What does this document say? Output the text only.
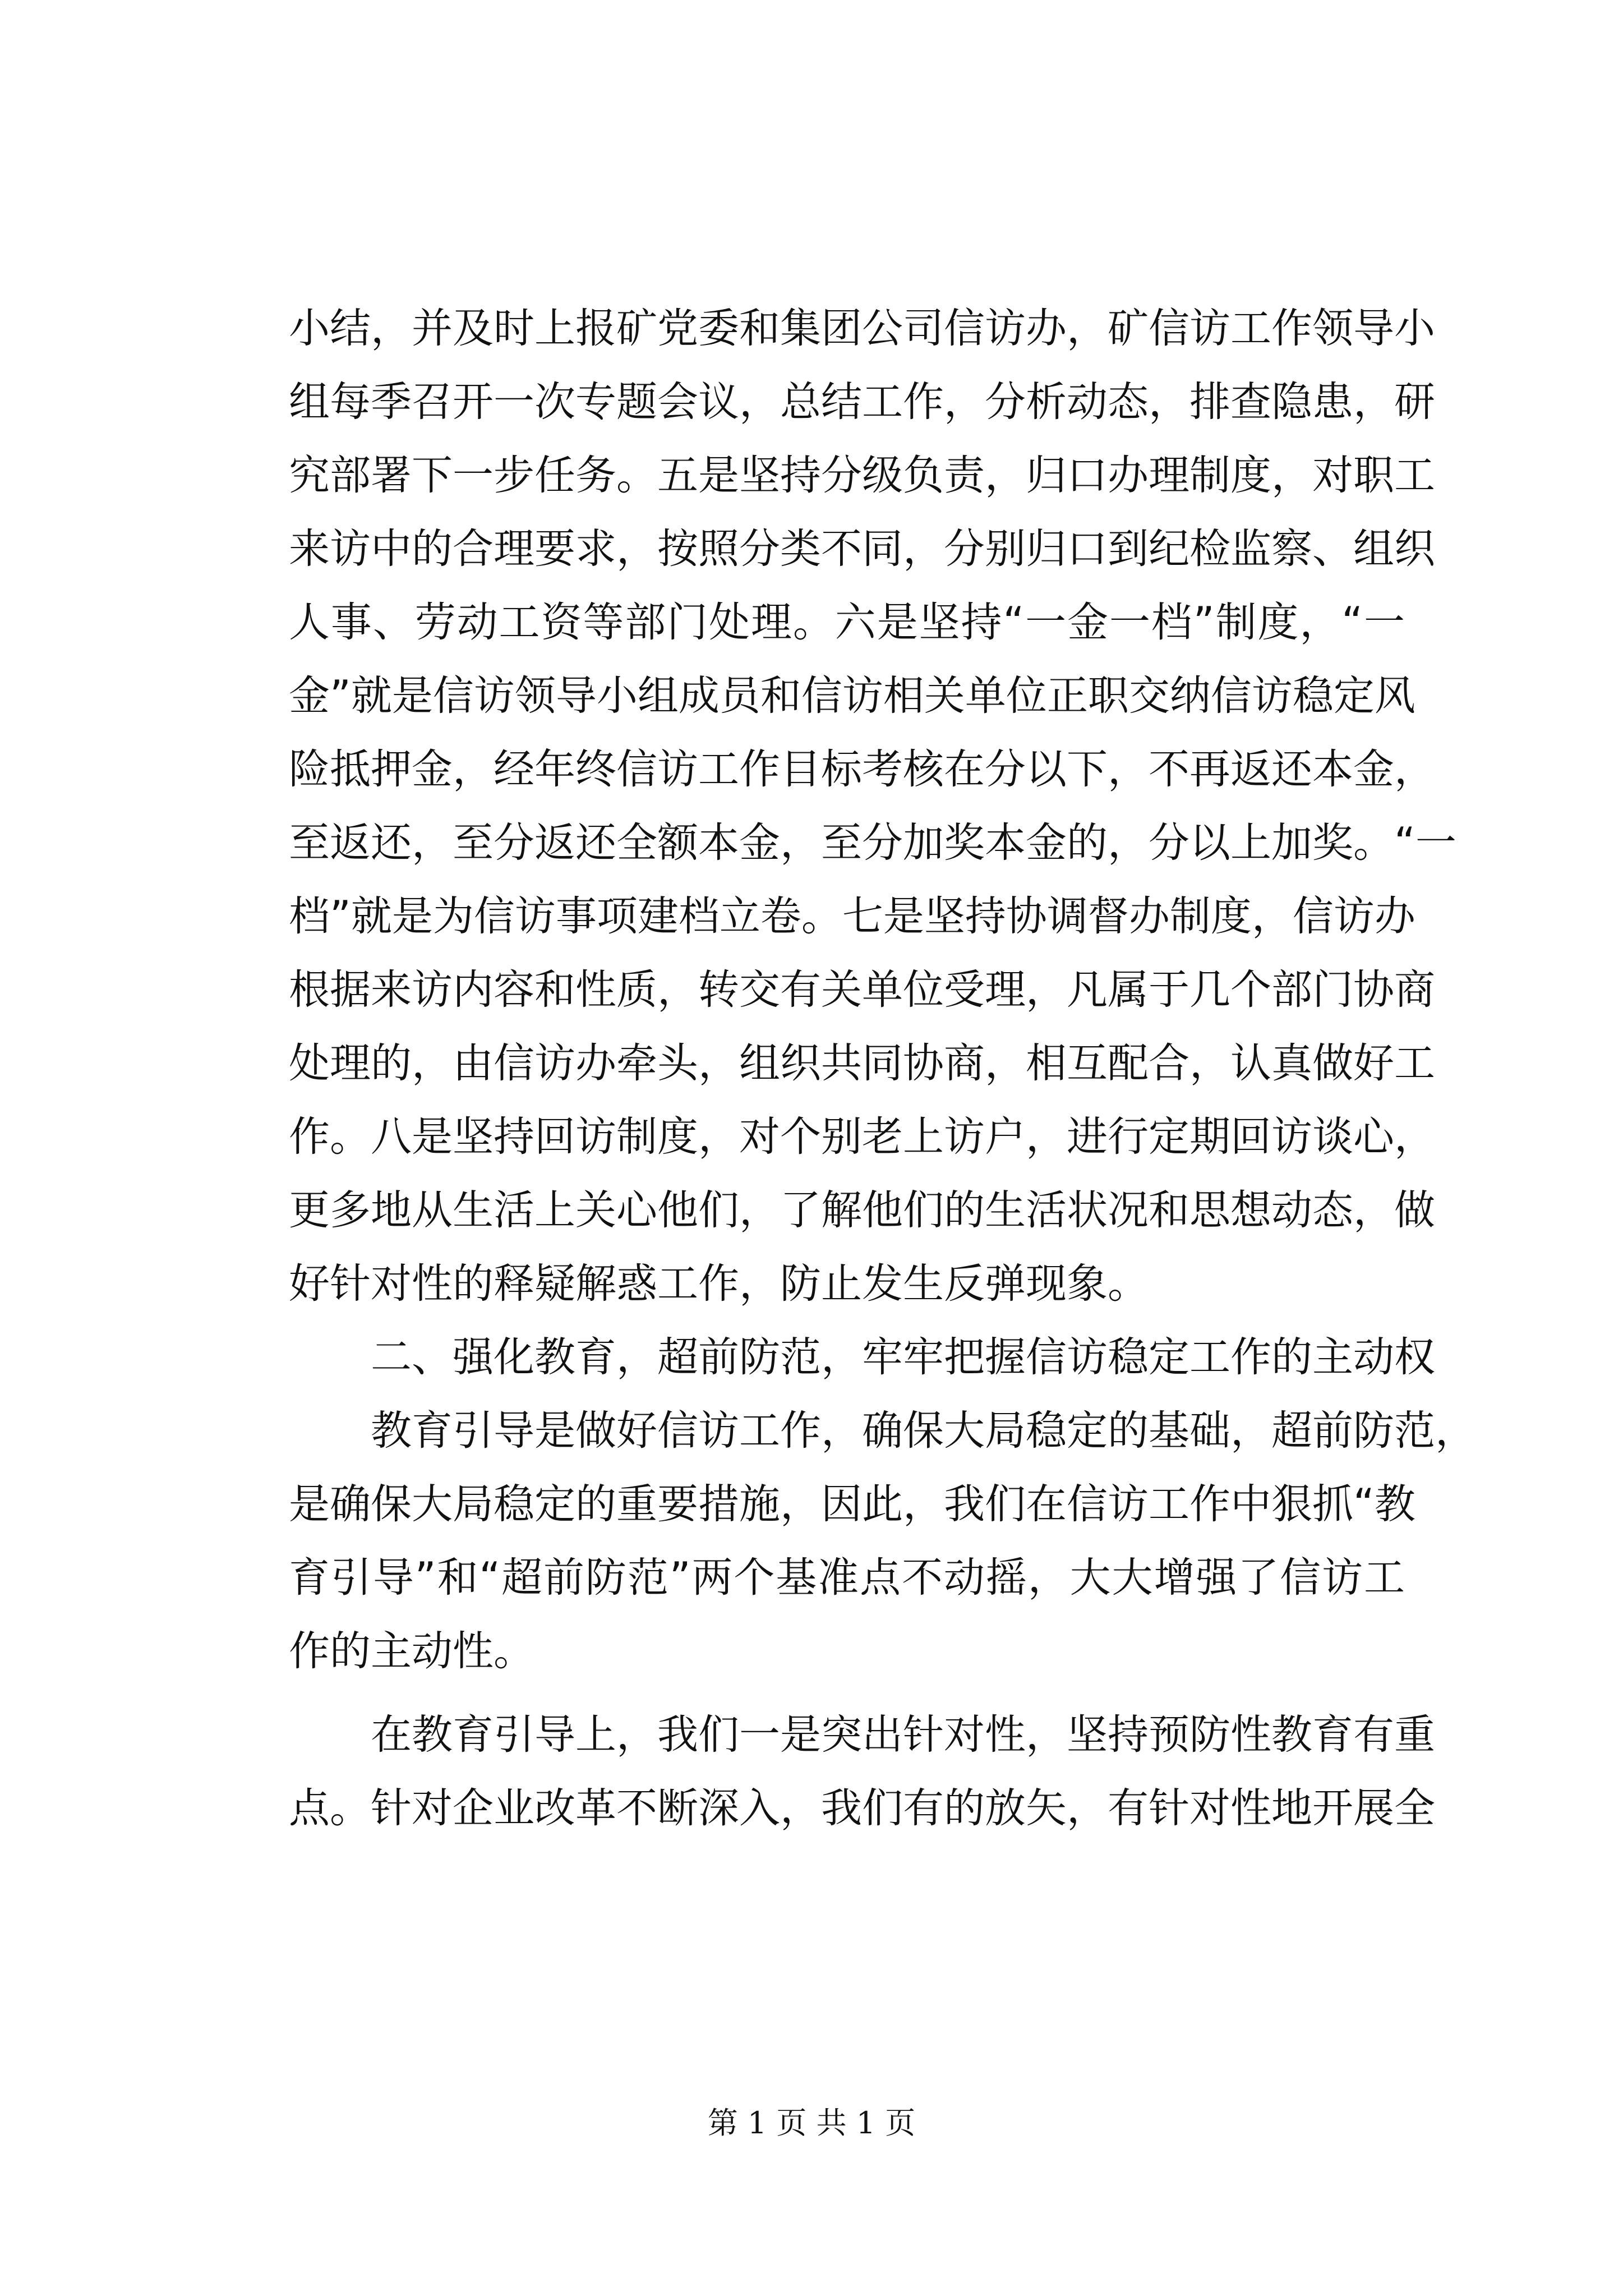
小结，并及时上报矿党委和集团公司信访办，矿信访工作领导小
组每季召开一次专题会议，总结工作，分析动态，排查隐患，研
究部署下一步任务。五是坚持分级负责，归口办理制度，对职工
来访中的合理要求，按照分类不同，分别归口到纪检监察、组织
人事、劳动工资等部门处理。六是坚持“一金一档”制度，“一
金”就是信访领导小组成员和信访相关单位正职交纳信访稳定风
险抵押金，经年终信访工作目标考核在分以下，不再返还本金，
至返还，至分返还全额本金，至分加奖本金的，分以上加奖。“一
档”就是为信访事项建档立卷。七是坚持协调督办制度，信访办
根据来访内容和性质，转交有关单位受理，凡属于几个部门协商
处理的，由信访办牵头，组织共同协商，相互配合，认真做好工
作。八是坚持回访制度，对个别老上访户，进行定期回访谈心，
更多地从生活上关心他们，了解他们的生活状况和思想动态，做
好针对性的释疑解惑工作，防止发生反弹现象。
二、强化教育，超前防范，牢牢把握信访稳定工作的主动权
教育引导是做好信访工作，确保大局稳定的基础，超前防范，
是确保大局稳定的重要措施，因此，我们在信访工作中狠抓“教
育引导”和“超前防范”两个基准点不动摇，大大增强了信访工
作的主动性。
在教育引导上，我们一是突出针对性，坚持预防性教育有重
点。针对企业改革不断深入，我们有的放矢，有针对性地开展全
第 1 页 共 1 页
